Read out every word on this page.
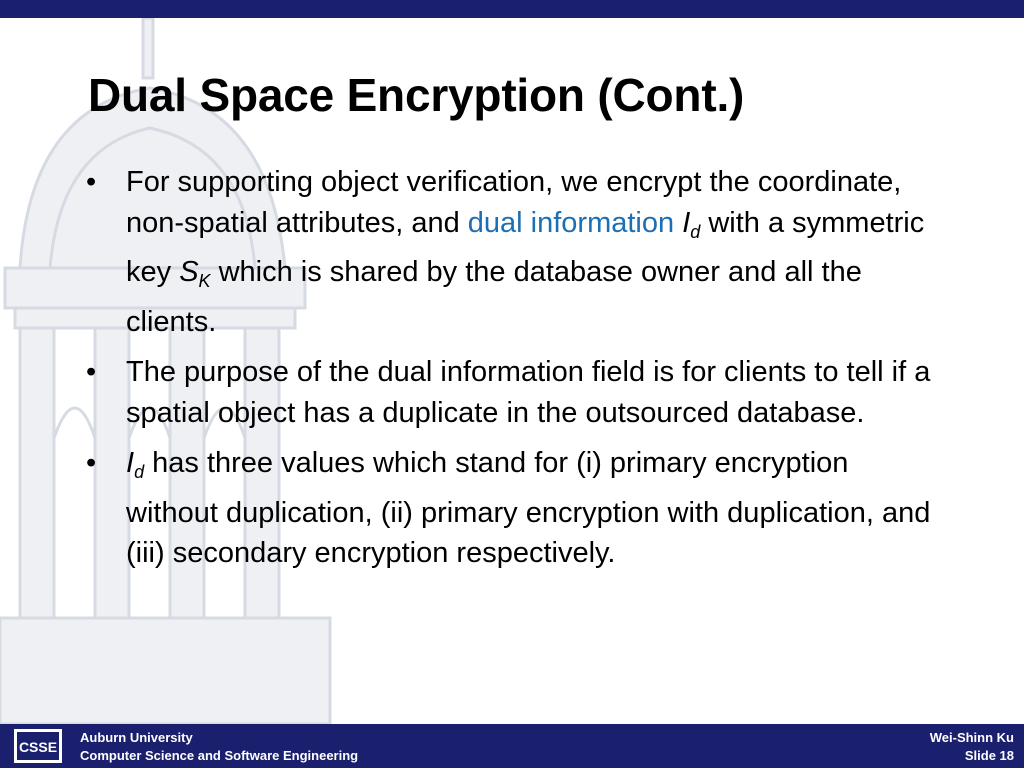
Dual Space Encryption (Cont.)
• For supporting object verification, we encrypt the coordinate, non-spatial attributes, and dual information $I_d$ with a symmetric key $S_K$ which is shared by the database owner and all the clients.
• The purpose of the dual information field is for clients to tell if a spatial object has a duplicate in the outsourced database.
• $I_d$ has three values which stand for (i) primary encryption without duplication, (ii) primary encryption with duplication, and (iii) secondary encryption respectively.
CSSE
Auburn University
Computer Science and Software Engineering
Wei-Shinn Ku
Slide 18
